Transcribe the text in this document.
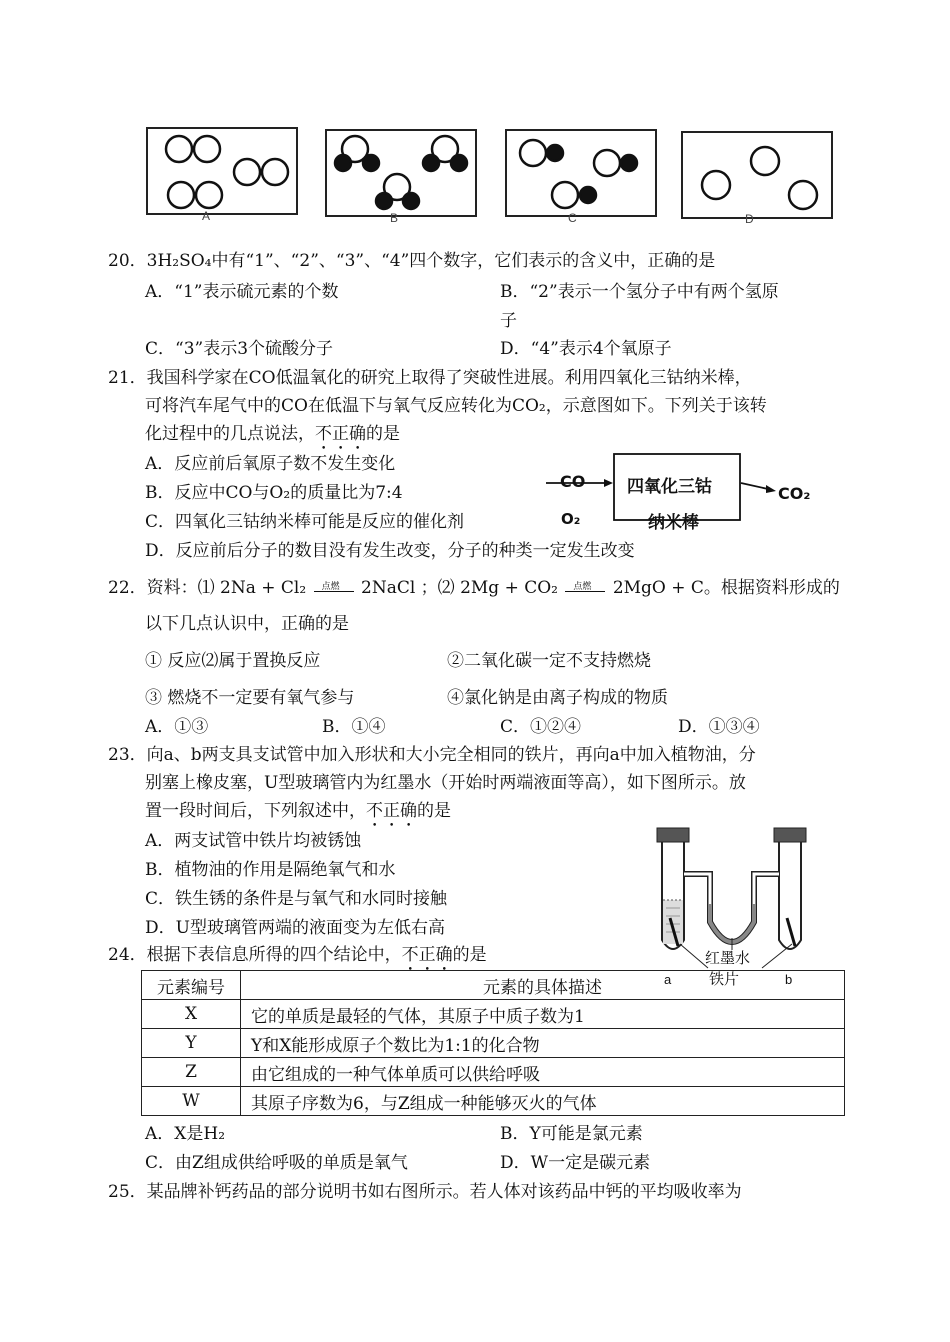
A	B	C	D
20．3H₂SO₄中有“1”、“2”、“3”、“4”四个数字，它们表示的含义中，正确的是
A．“1”表示硫元素的个数	B．“2”表示一个氢分子中有两个氢原
子
C．“3”表示3个硫酸分子	D．“4”表示4个氧原子
21．我国科学家在CO低温氧化的研究上取得了突破性进展。利用四氧化三钴纳米棒，
可将汽车尾气中的CO在低温下与氧气反应转化为CO₂，示意图如下。下列关于该转
化过程中的几点说法，不正确的是
A．反应前后氧原子数不发生变化
B．反应中CO与O₂的质量比为7:4
C．四氧化三钴纳米棒可能是反应的催化剂
D．反应前后分子的数目没有发生改变，分子的种类一定发生改变
CO
O₂
四氧化三钴
纳米棒
CO₂
22．资料：⑴ 2Na + Cl₂ 点燃 2NaCl ；⑵ 2Mg + CO₂ 点燃 2MgO + C。根据资料形成的
以下几点认识中，正确的是
① 反应⑵属于置换反应	②二氧化碳一定不支持燃烧
③ 燃烧不一定要有氧气参与	④氯化钠是由离子构成的物质
A．①③	B．①④	C．①②④	D．①③④
23．向a、b两支具支试管中加入形状和大小完全相同的铁片，再向a中加入植物油，分
别塞上橡皮塞，U型玻璃管内为红墨水（开始时两端液面等高），如下图所示。放
置一段时间后，下列叙述中，不正确的是
A．两支试管中铁片均被锈蚀
B．植物油的作用是隔绝氧气和水
C．铁生锈的条件是与氧气和水同时接触
D．U型玻璃管两端的液面变为左低右高
红墨水
铁片
a	b
24．根据下表信息所得的四个结论中，不正确的是
元素编号	元素的具体描述
X	它的单质是最轻的气体，其原子中质子数为1
Y	Y和X能形成原子个数比为1:1的化合物
Z	由它组成的一种气体单质可以供给呼吸
W	其原子序数为6，与Z组成一种能够灭火的气体
A．X是H₂	B．Y可能是氯元素
C．由Z组成供给呼吸的单质是氧气	D．W一定是碳元素
25．某品牌补钙药品的部分说明书如右图所示。若人体对该药品中钙的平均吸收率为
